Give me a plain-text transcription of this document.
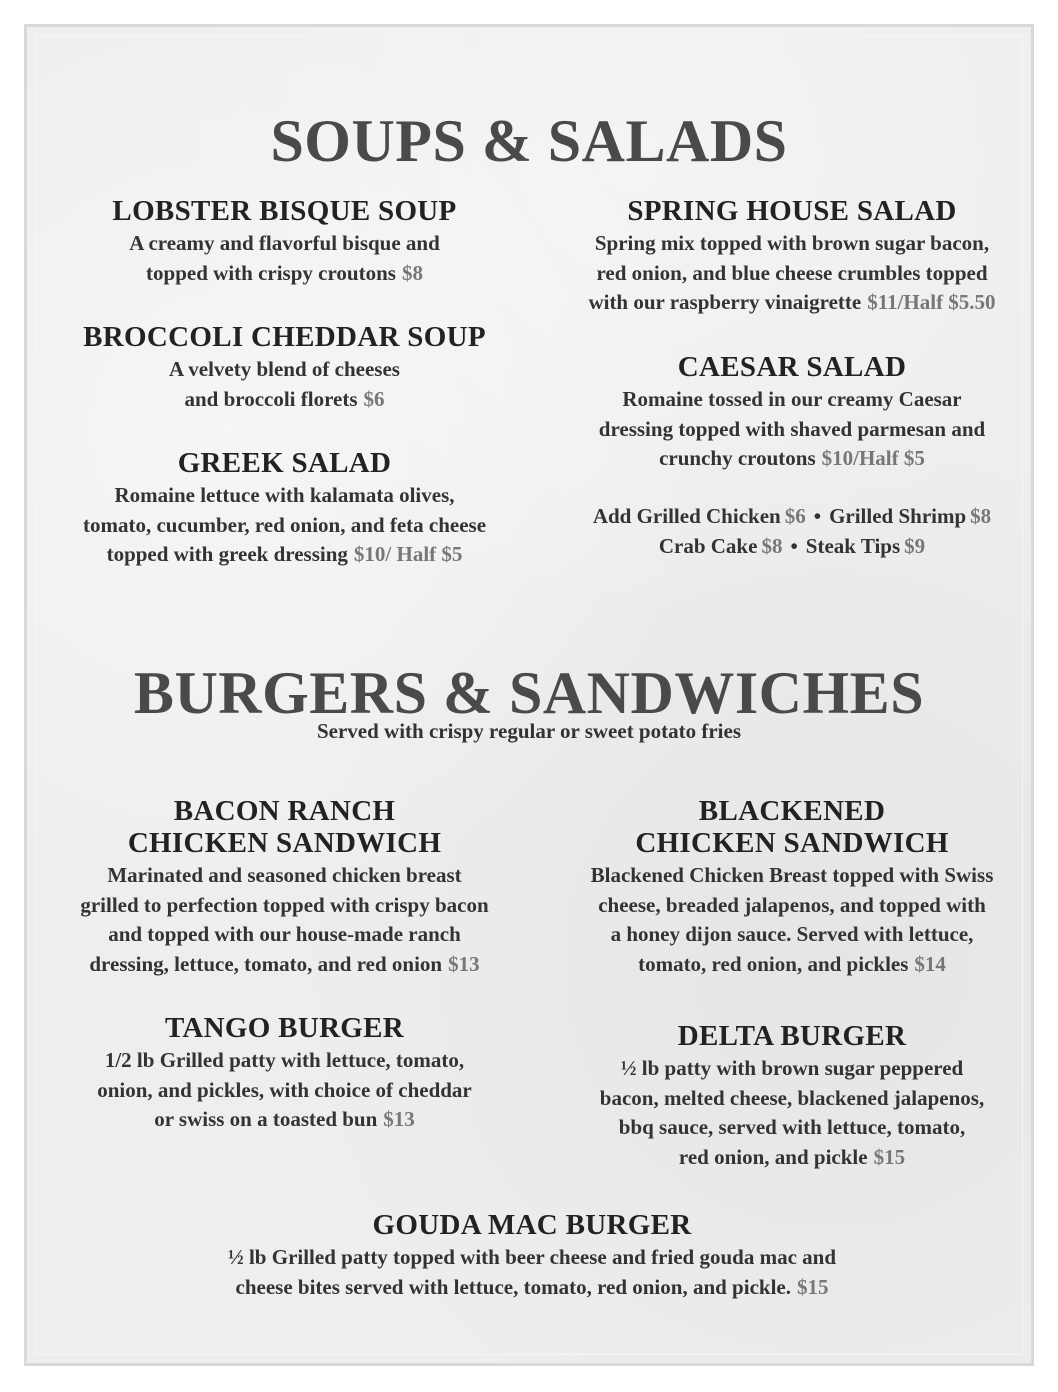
SOUPS & SALADS
LOBSTER BISQUE SOUP

A creamy and flavorful bisque and
topped with crispy croutons $8

BROCCOLI CHEDDAR SOUP

A velvety blend of cheeses
and broccoli florets $6

GREEK SALAD

Romaine lettuce with kalamata olives,
tomato, cucumber, red onion, and feta cheese
topped with greek dressing $10/ Half $5

SPRING HOUSE SALAD

Spring mix topped with brown sugar bacon,
red onion, and blue cheese crumbles topped
with our raspberry vinaigrette $11/Half $5.50

CAESAR SALAD

Romaine tossed in our creamy Caesar
dressing topped with shaved parmesan and
crunchy croutons $10/Half $5

Add Grilled Chicken $6 • Grilled Shrimp $8
Crab Cake $8 • Steak Tips $9
BURGERS & SANDWICHES
Served with crispy regular or sweet potato fries
BACON RANCH
CHICKEN SANDWICH

Marinated and seasoned chicken breast
grilled to perfection topped with crispy bacon
and topped with our house-made ranch
dressing, lettuce, tomato, and red onion $13

BLACKENED
CHICKEN SANDWICH

Blackened Chicken Breast topped with Swiss
cheese, breaded jalapenos, and topped with
a honey dijon sauce. Served with lettuce,
tomato, red onion, and pickles $14

TANGO BURGER

1/2 lb Grilled patty with lettuce, tomato,
onion, and pickles, with choice of cheddar
or swiss on a toasted bun $13

DELTA BURGER

½ lb patty with brown sugar peppered
bacon, melted cheese, blackened jalapenos,
bbq sauce, served with lettuce, tomato,
red onion, and pickle $15

GOUDA MAC BURGER

½ lb Grilled patty topped with beer cheese and fried gouda mac and
cheese bites served with lettuce, tomato, red onion, and pickle. $15
